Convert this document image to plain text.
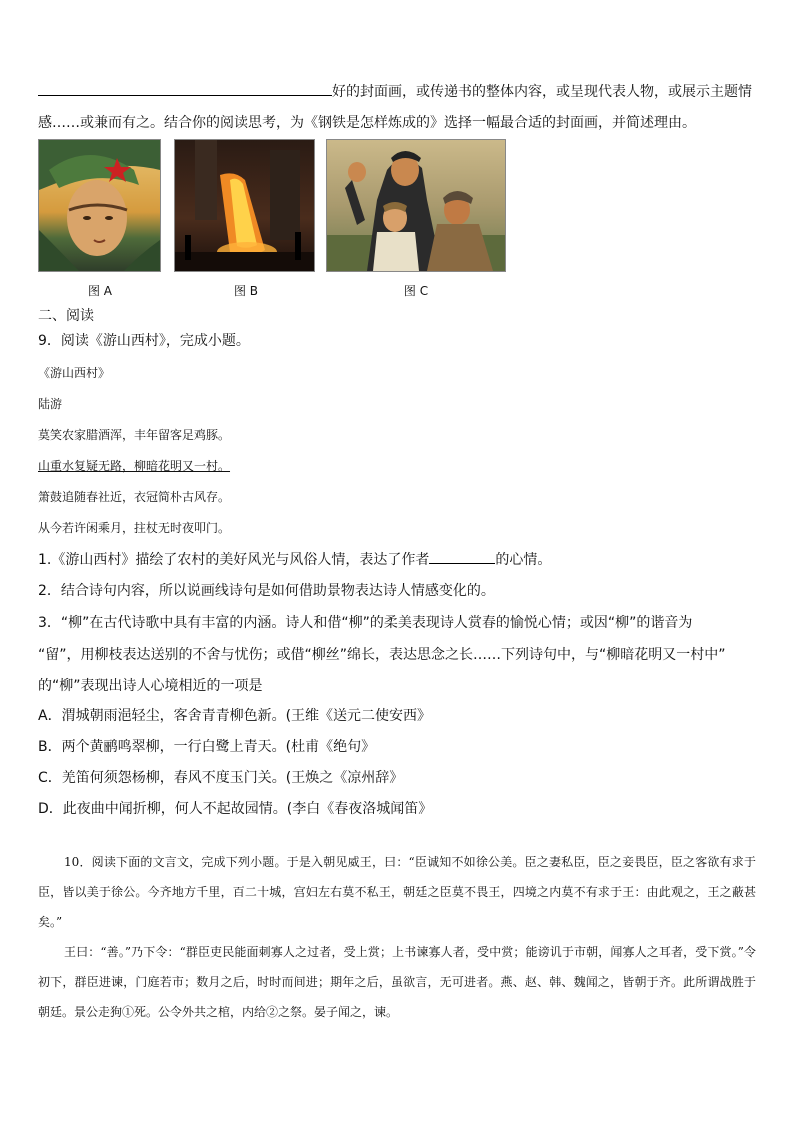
好的封面画，或传递书的整体内容，或呈现代表人物，或展示主题情
感……或兼而有之。结合你的阅读思考，为《钢铁是怎样炼成的》选择一幅最合适的封面画，并简述理由。
图 A	图 B	图 C
二、阅读
9．阅读《游山西村》，完成小题。
《游山西村》
陆游
莫笑农家腊酒浑，丰年留客足鸡豚。
山重水复疑无路，柳暗花明又一村。
箫鼓追随春社近，衣冠简朴古风存。
从今若许闲乘月，拄杖无时夜叩门。
1.《游山西村》描绘了农村的美好风光与风俗人情，表达了作者	的心情。
2．结合诗句内容，所以说画线诗句是如何借助景物表达诗人情感变化的。
3．“柳”在古代诗歌中具有丰富的内涵。诗人和借“柳”的柔美表现诗人赏春的愉悦心情；或因“柳”的谐音为
“留”，用柳枝表达送别的不舍与忧伤；或借“柳丝”绵长，表达思念之长……下列诗句中，与“柳暗花明又一村中”
的“柳”表现出诗人心境相近的一项是
A．渭城朝雨浥轻尘，客舍青青柳色新。(王维《送元二使安西》
B．两个黄鹂鸣翠柳，一行白鹭上青天。(杜甫《绝句》
C．羌笛何须怨杨柳，春风不度玉门关。(王焕之《凉州辞》
D．此夜曲中闻折柳，何人不起故园情。(李白《春夜洛城闻笛》
10．阅读下面的文言文，完成下列小题。于是入朝见威王，曰：“臣诚知不如徐公美。臣之妻私臣，臣之妾畏臣，臣之客欲有求于臣，皆以美于徐公。今齐地方千里，百二十城，宫妇左右莫不私王，朝廷之臣莫不畏王，四境之内莫不有求于王：由此观之，王之蔽甚矣。”
王曰：“善。”乃下令：“群臣吏民能面刺寡人之过者，受上赏；上书谏寡人者，受中赏；能谤讥于市朝，闻寡人之耳者，受下赏。”令初下，群臣进谏，门庭若市；数月之后，时时而间进；期年之后，虽欲言，无可进者。燕、赵、韩、魏闻之，皆朝于齐。此所谓战胜于朝廷。景公走狗①死。公令外共之棺，内给②之祭。晏子闻之，谏。
